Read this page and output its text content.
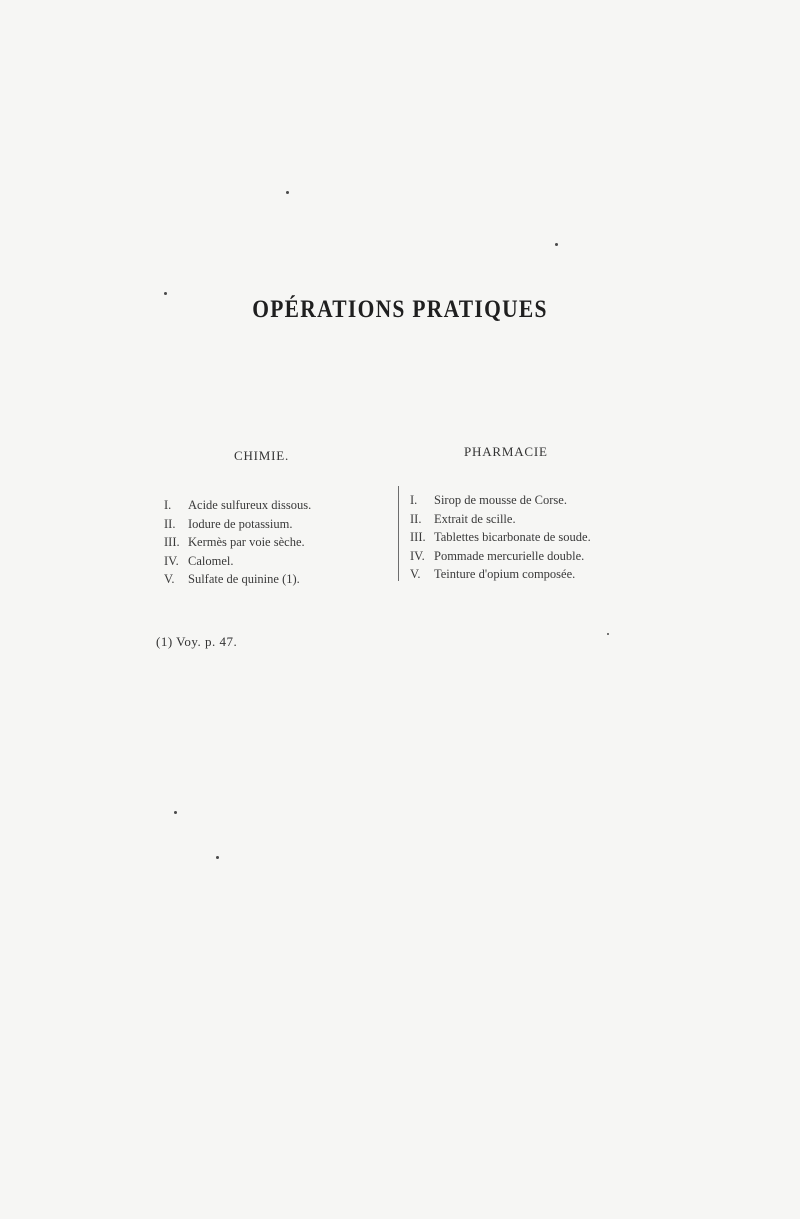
OPÉRATIONS PRATIQUES
CHIMIE.	PHARMACIE
I. Acide sulfureux dissous.
II. Iodure de potassium.
III. Kermès par voie sèche.
IV. Calomel.
V. Sulfate de quinine (1).
I. Sirop de mousse de Corse.
II. Extrait de scille.
III. Tablettes bicarbonate de soude.
IV. Pommade mercurielle double.
V. Teinture d'opium composée.
(1) Voy. p. 47.
